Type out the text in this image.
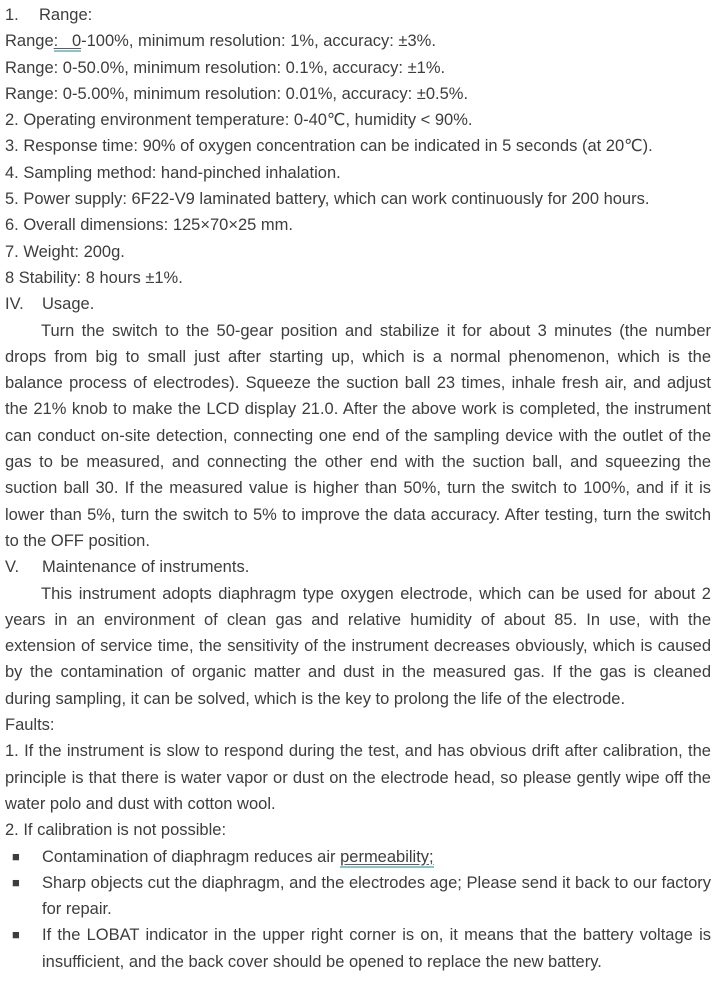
1. Range:
Range:   0-100%, minimum resolution: 1%, accuracy: ±3%.
Range: 0-50.0%, minimum resolution: 0.1%, accuracy: ±1%.
Range: 0-5.00%, minimum resolution: 0.01%, accuracy: ±0.5%.
2. Operating environment temperature: 0-40℃, humidity < 90%.
3. Response time: 90% of oxygen concentration can be indicated in 5 seconds (at 20℃).
4. Sampling method: hand-pinched inhalation.
5. Power supply: 6F22-V9 laminated battery, which can work continuously for 200 hours.
6. Overall dimensions: 125×70×25 mm.
7. Weight: 200g.
8 Stability: 8 hours ±1%.
IV. Usage.

Turn the switch to the 50-gear position and stabilize it for about 3 minutes (the number drops from big to small just after starting up, which is a normal phenomenon, which is the balance process of electrodes). Squeeze the suction ball 23 times, inhale fresh air, and adjust the 21% knob to make the LCD display 21.0. After the above work is completed, the instrument can conduct on-site detection, connecting one end of the sampling device with the outlet of the gas to be measured, and connecting the other end with the suction ball, and squeezing the suction ball 30. If the measured value is higher than 50%, turn the switch to 100%, and if it is lower than 5%, turn the switch to 5% to improve the data accuracy. After testing, turn the switch to the OFF position.

V. Maintenance of instruments.

This instrument adopts diaphragm type oxygen electrode, which can be used for about 2 years in an environment of clean gas and relative humidity of about 85. In use, with the extension of service time, the sensitivity of the instrument decreases obviously, which is caused by the contamination of organic matter and dust in the measured gas. If the gas is cleaned during sampling, it can be solved, which is the key to prolong the life of the electrode.

Faults:

1. If the instrument is slow to respond during the test, and has obvious drift after calibration, the principle is that there is water vapor or dust on the electrode head, so please gently wipe off the water polo and dust with cotton wool.

2. If calibration is not possible:
■	Contamination of diaphragm reduces air permeability;
■	Sharp objects cut the diaphragm, and the electrodes age; Please send it back to our factory for repair.
■	If the LOBAT indicator in the upper right corner is on, it means that the battery voltage is insufficient, and the back cover should be opened to replace the new battery.
